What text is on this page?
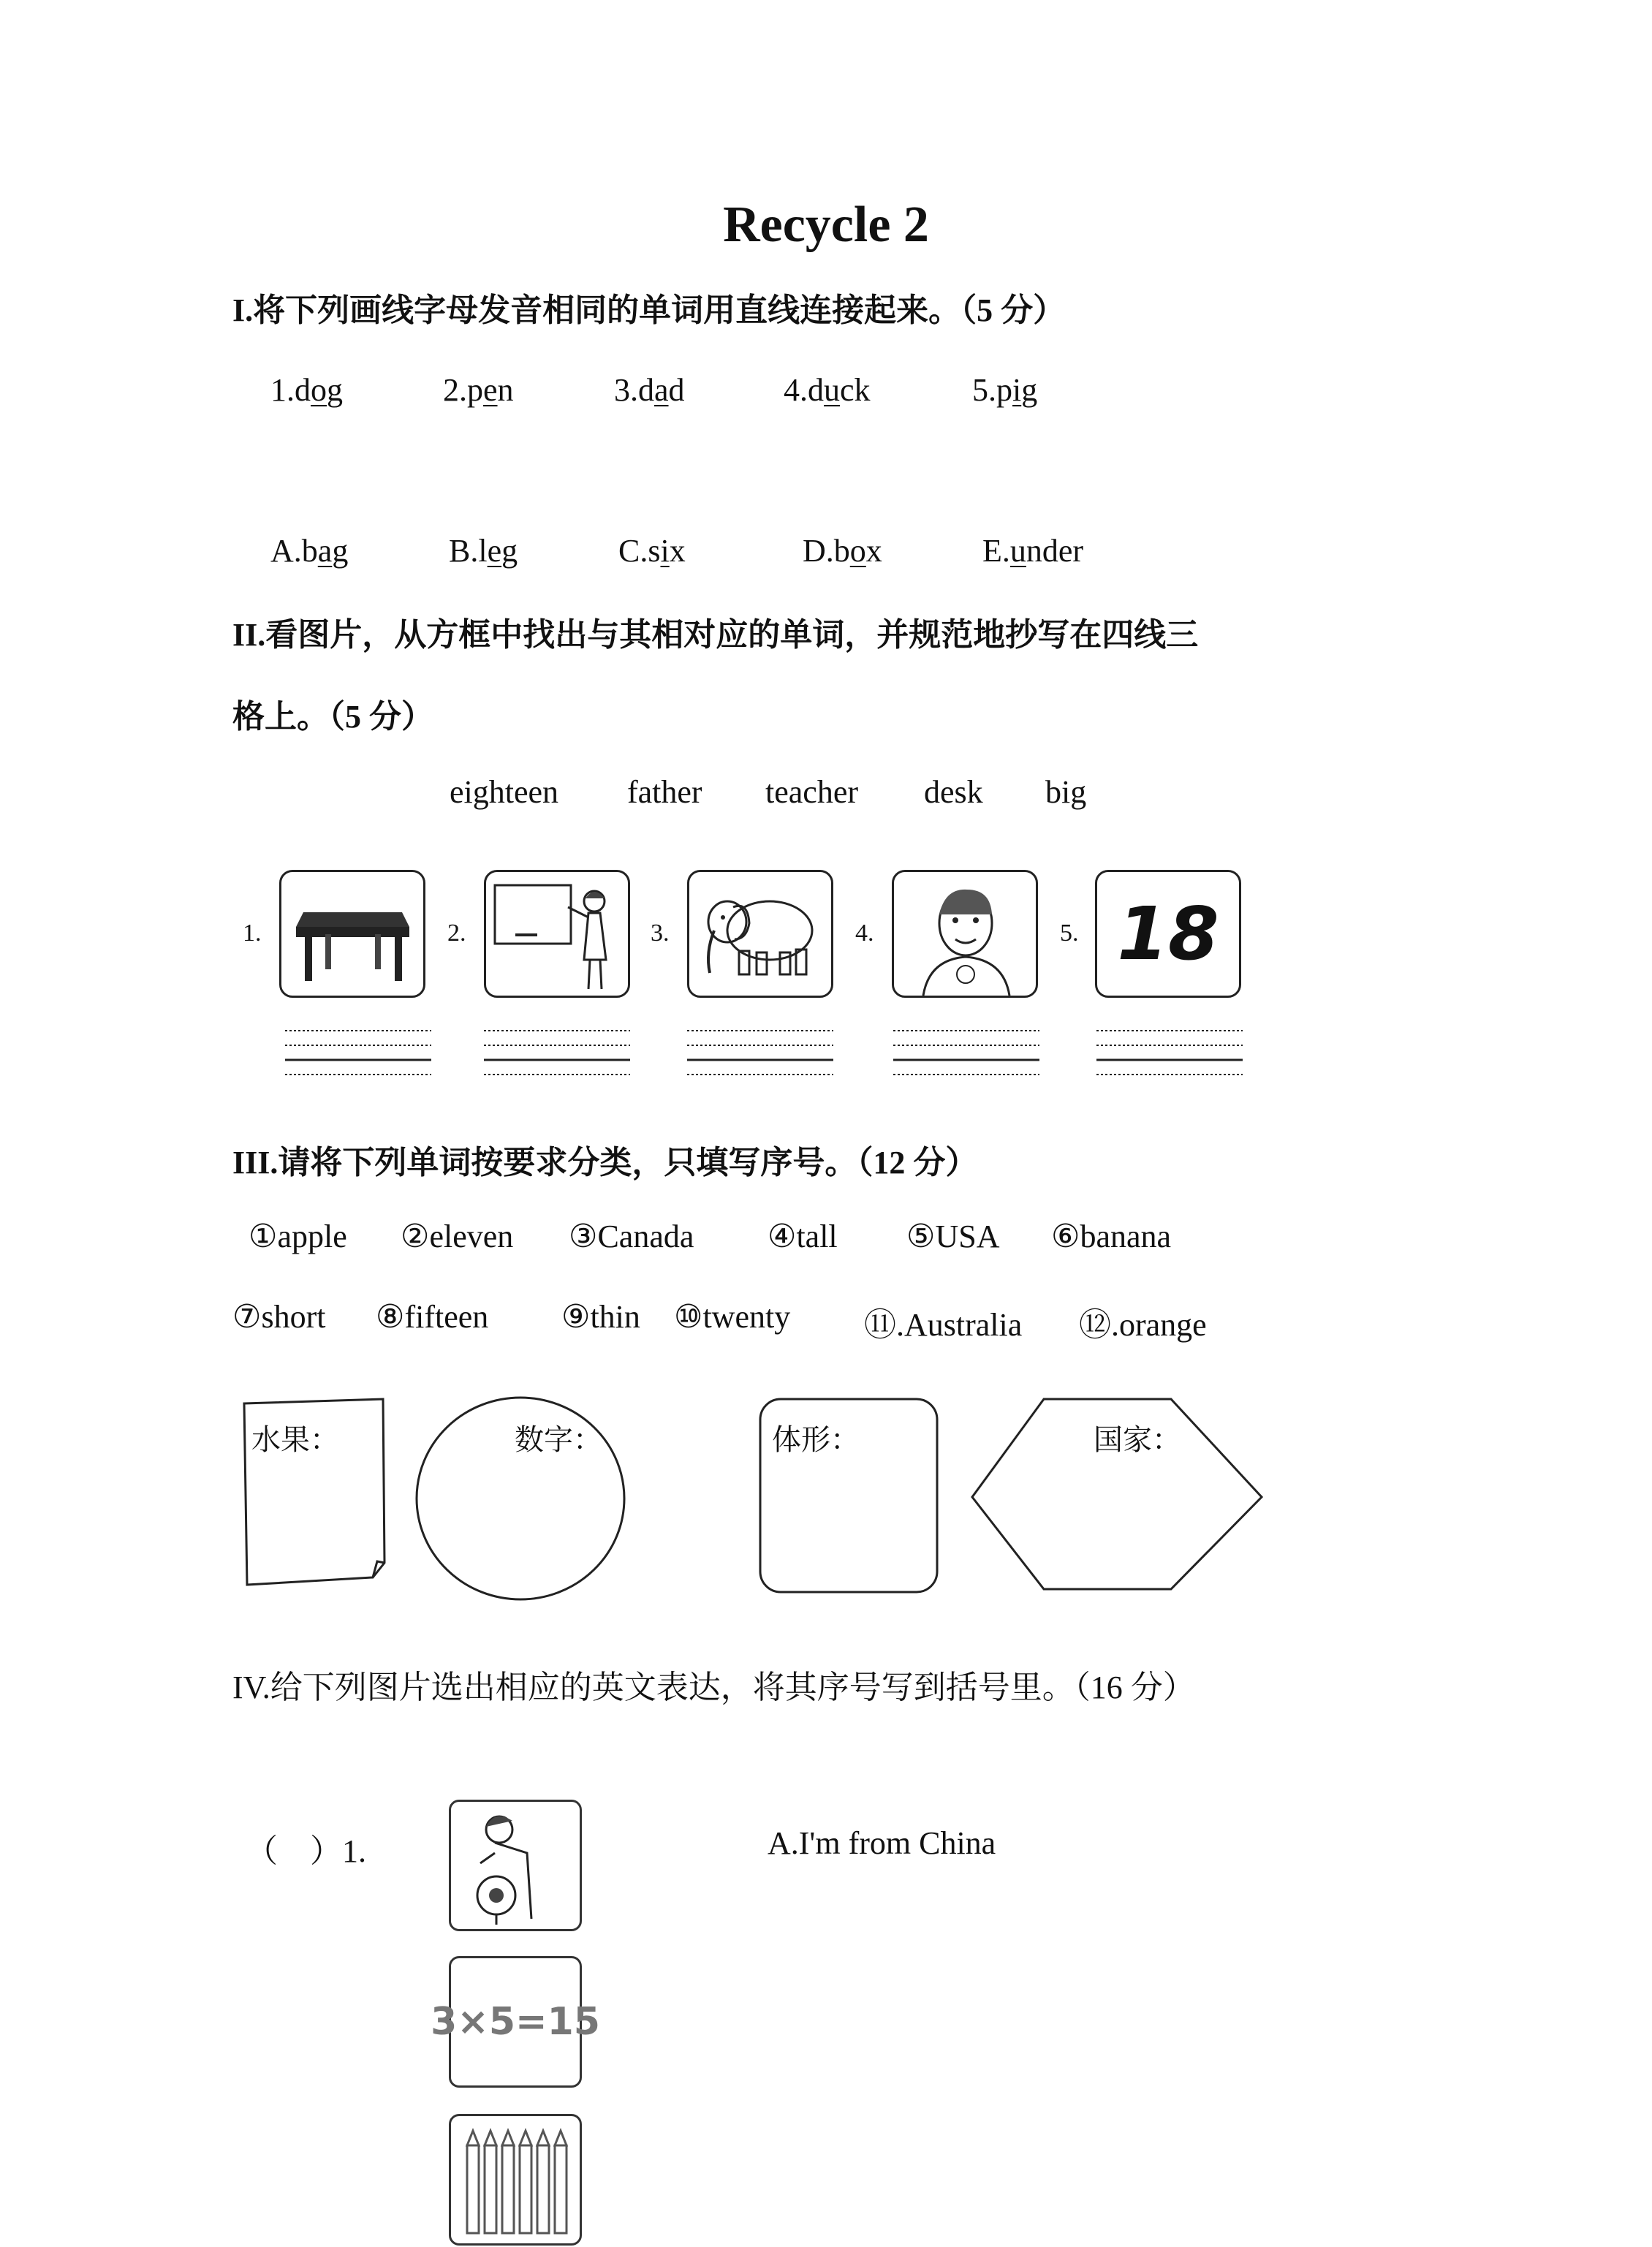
Recycle 2
I.将下列画线字母发音相同的单词用直线连接起来。（5 分）
1.dog	2.pen	3.dad	4.duck	5.pig
A.bag	B.leg	C.six	D.box	E.under
II.看图片，从方框中找出与其相对应的单词，并规范地抄写在四线三
格上。（5 分）
eighteen father teacher desk big
1.	2.	3.	4.	5. 18
III.请将下列单词按要求分类，只填写序号。（12 分）
①apple ②eleven ③Canada ④tall ⑤USA ⑥banana
⑦short ⑧fifteen ⑨thin ⑩twenty ⑪.Australia ⑫.orange
水果：	数字：	体形：	国家：
IV.给下列图片选出相应的英文表达，将其序号写到括号里。（16 分）
（　）1.	A.I'm from China
3×5=15
